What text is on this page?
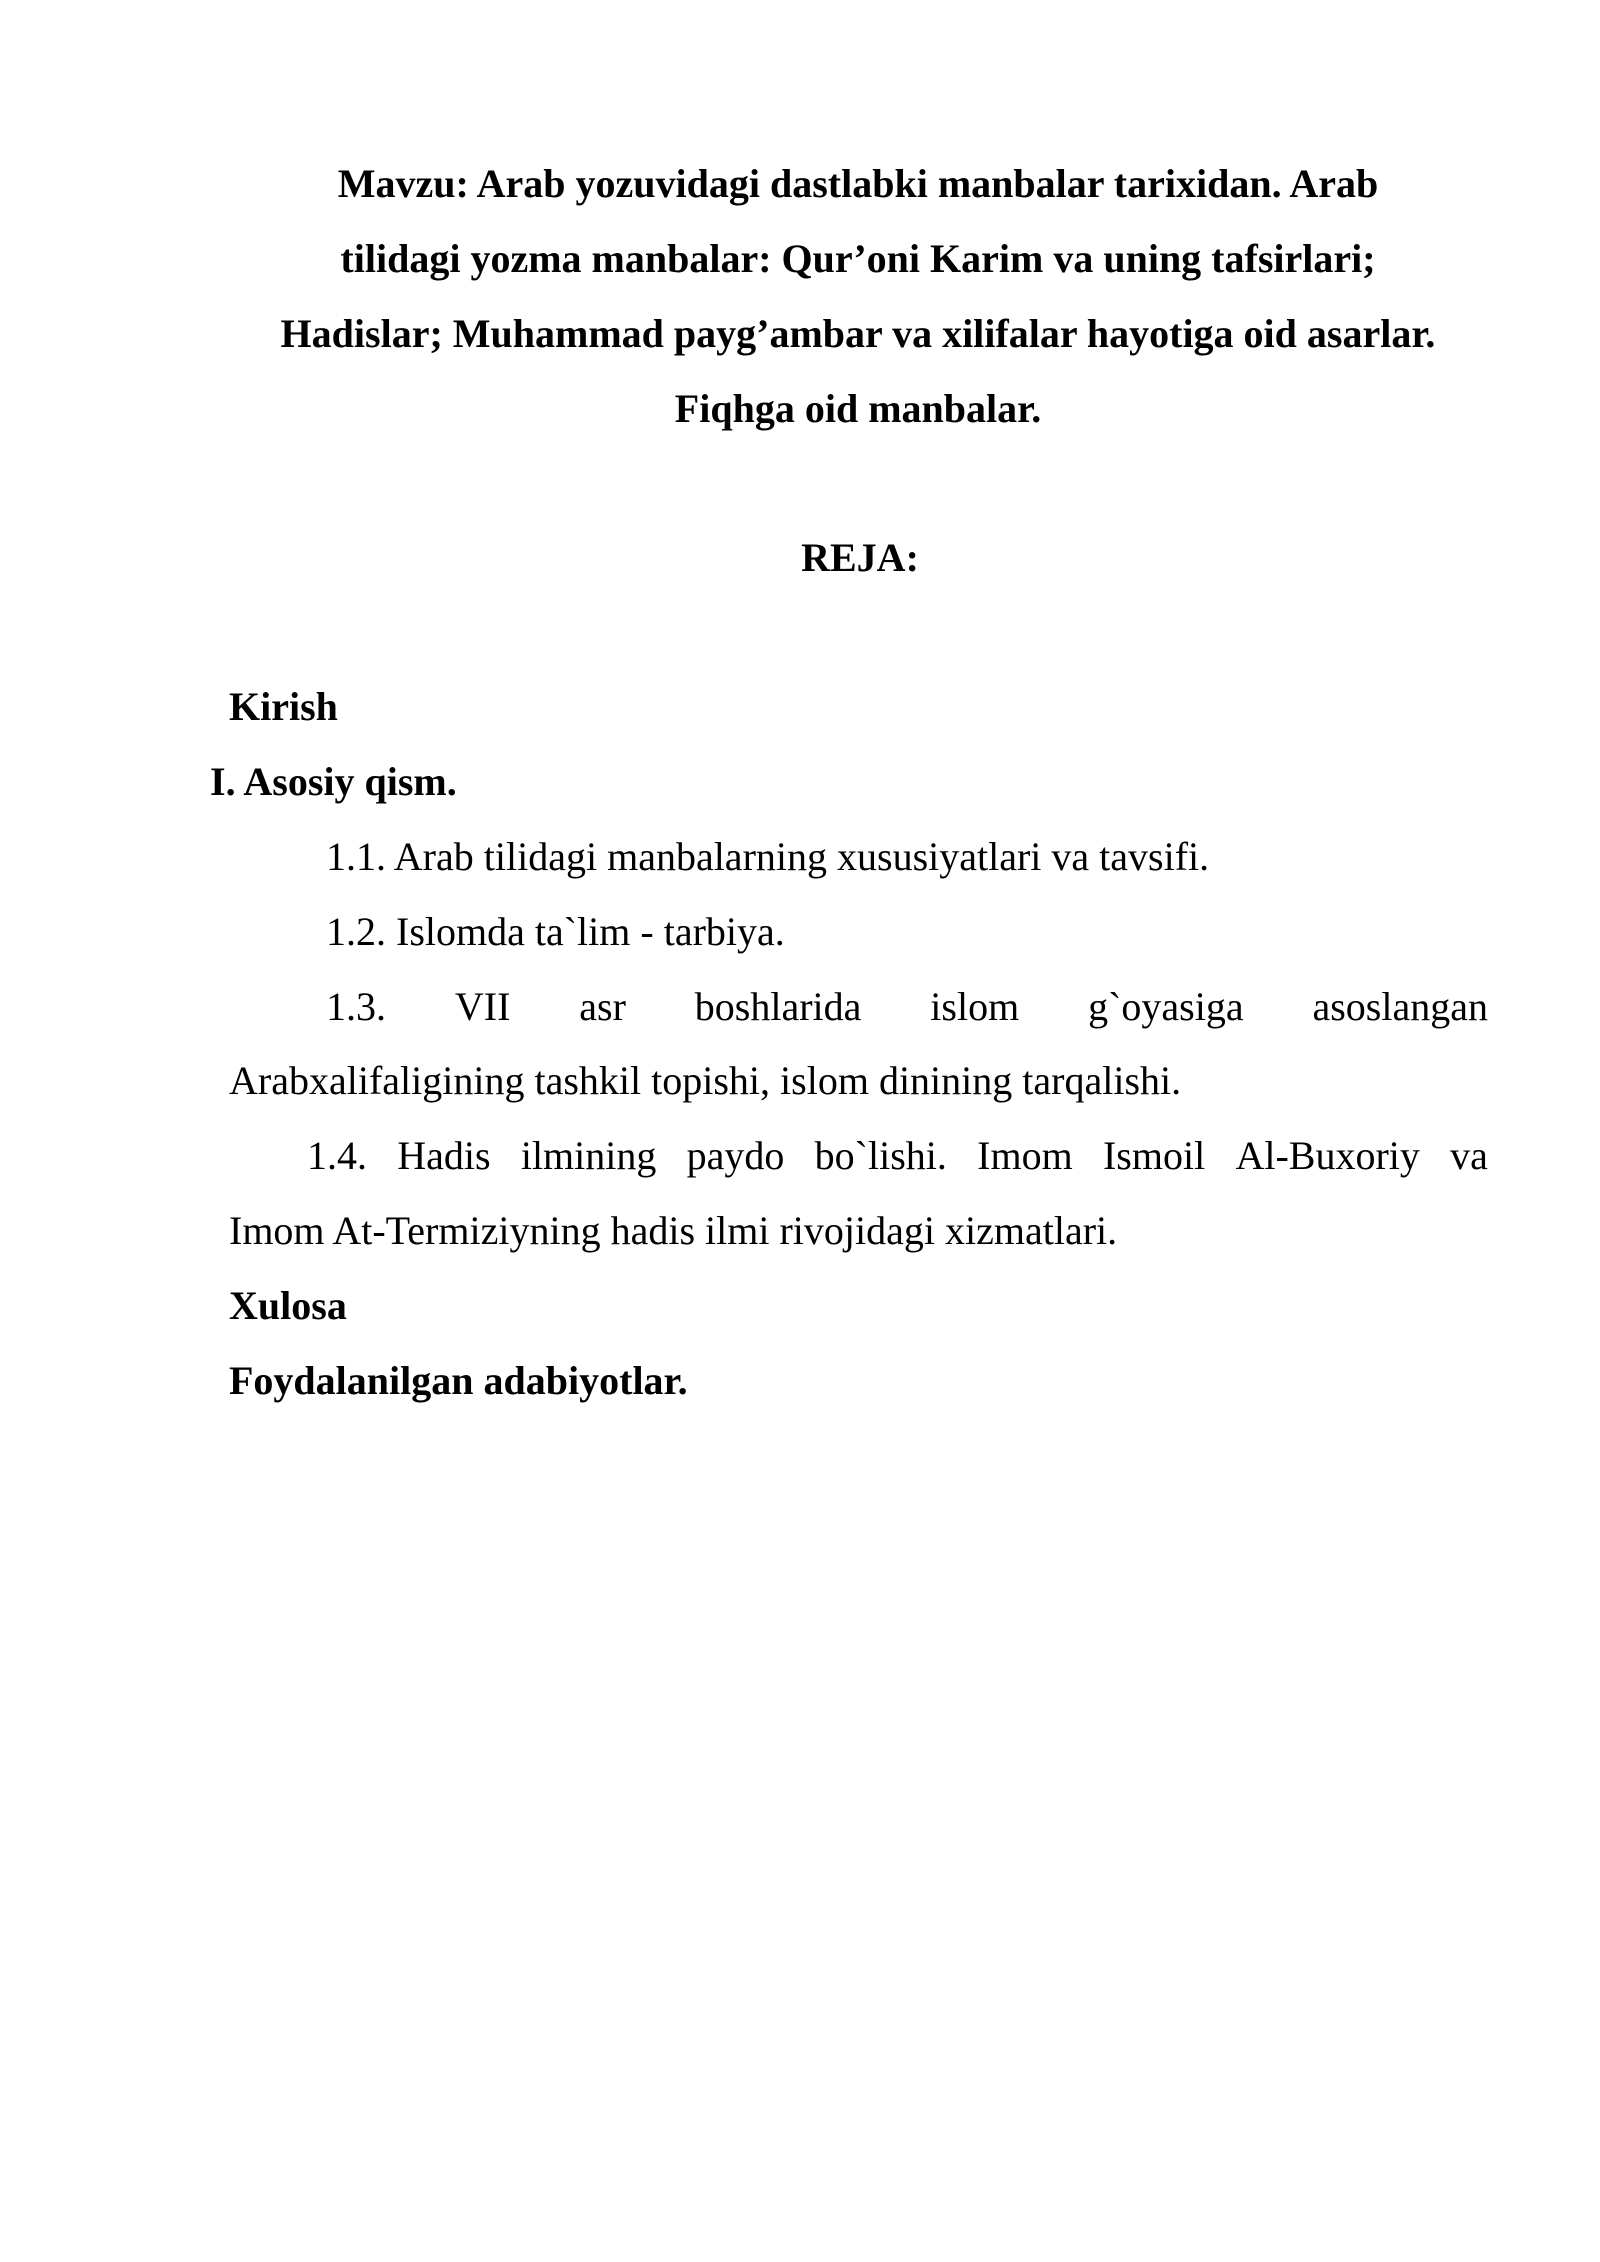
Mavzu: Arab yozuvidagi dastlabki manbalar tarixidan. Arab
tilidagi yozma manbalar: Qur’oni Karim va uning tafsirlari;
Hadislar; Muhammad payg’ambar va xilifalar hayotiga oid asarlar.
Fiqhga oid manbalar.
REJA:
Kirish
I. Asosiy qism.
1.1. Arab tilidagi manbalarning xususiyatlari va tavsifi.
1.2. Islomda ta`lim - tarbiya.
1.3. VII asr boshlarida islom g`oyasiga asoslangan
Arabxalifaligining tashkil topishi, islom dinining tarqalishi.
1.4. Hadis ilmining paydo bo`lishi. Imom Ismoil Al-Buxoriy va
Imom At-Termiziyning hadis ilmi rivojidagi xizmatlari.
Xulosa
Foydalanilgan adabiyotlar.
